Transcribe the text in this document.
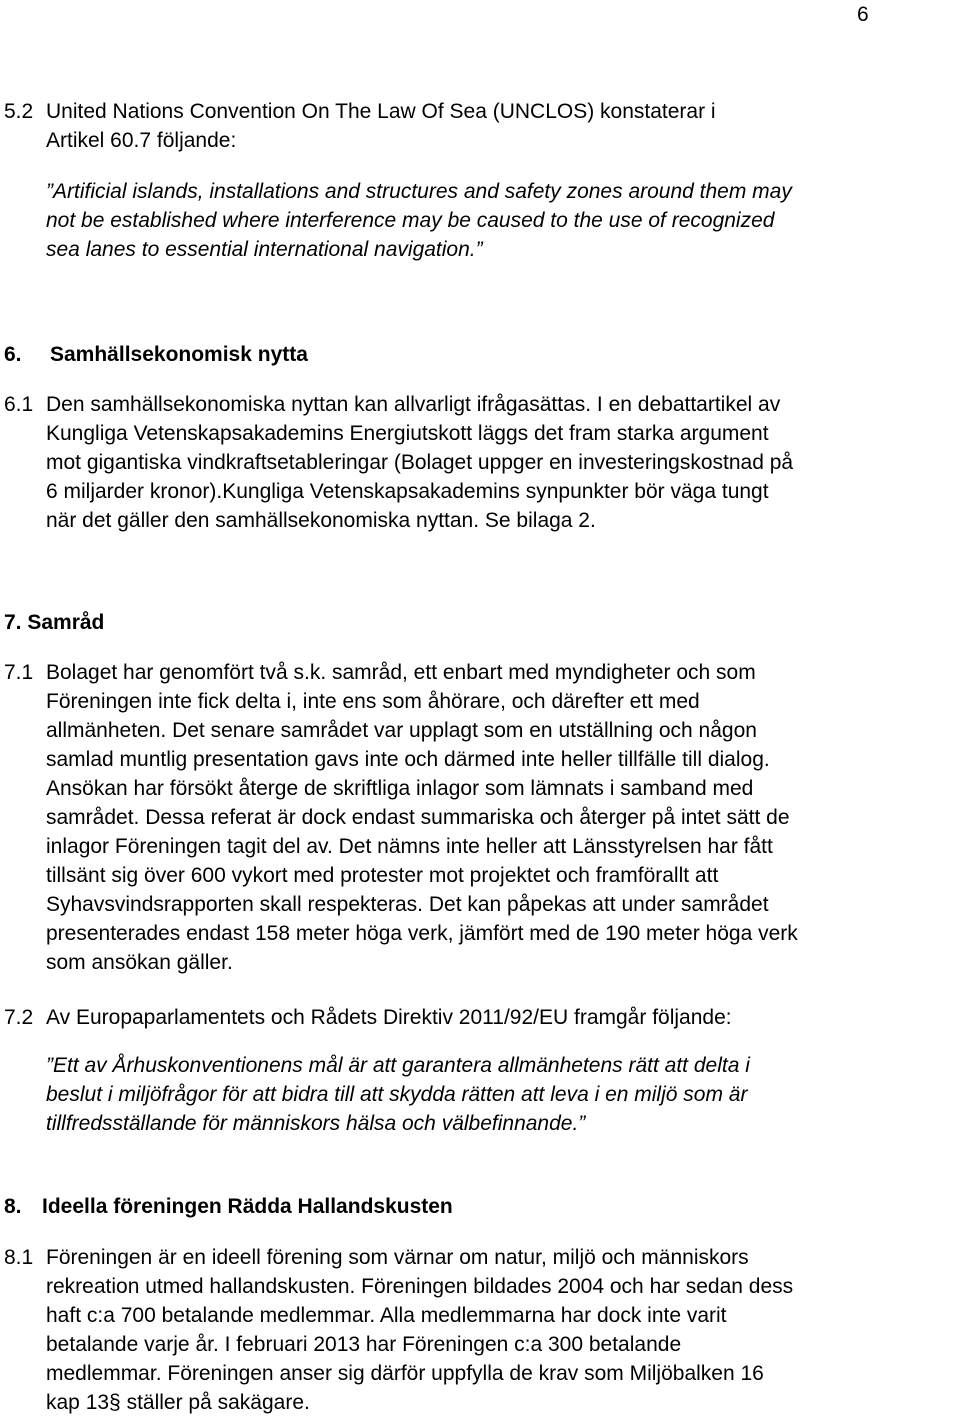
6
5.2 United Nations Convention On The Law Of Sea (UNCLOS) konstaterar i
Artikel 60.7 följande:

”Artificial islands, installations and structures and safety zones around them may
not be established where interference may be caused to the use of recognized
sea lanes to essential international navigation.”

6. Samhällsekonomisk nytta
6.1 Den samhällsekonomiska nyttan kan allvarligt ifrågasättas. I en debattartikel av
Kungliga Vetenskapsakademins Energiutskott läggs det fram starka argument
mot gigantiska vindkraftsetableringar (Bolaget uppger en investeringskostnad på
6 miljarder kronor).Kungliga Vetenskapsakademins synpunkter bör väga tungt
när det gäller den samhällsekonomiska nyttan. Se bilaga 2.

7. Samråd
7.1 Bolaget har genomfört två s.k. samråd, ett enbart med myndigheter och som
Föreningen inte fick delta i, inte ens som åhörare, och därefter ett med
allmänheten. Det senare samrådet var upplagt som en utställning och någon
samlad muntlig presentation gavs inte och därmed inte heller tillfälle till dialog.
Ansökan har försökt återge de skriftliga inlagor som lämnats i samband med
samrådet. Dessa referat är dock endast summariska och återger på intet sätt de
inlagor Föreningen tagit del av. Det nämns inte heller att Länsstyrelsen har fått
tillsänt sig över 600 vykort med protester mot projektet och framförallt att
Syhavsvindsrapporten skall respekteras. Det kan påpekas att under samrådet
presenterades endast 158 meter höga verk, jämfört med de 190 meter höga verk
som ansökan gäller.

7.2 Av Europaparlamentets och Rådets Direktiv 2011/92/EU framgår följande:

”Ett av Århuskonventionens mål är att garantera allmänhetens rätt att delta i
beslut i miljöfrågor för att bidra till att skydda rätten att leva i en miljö som är
tillfredsställande för människors hälsa och välbefinnande.”

8. Ideella föreningen Rädda Hallandskusten
8.1 Föreningen är en ideell förening som värnar om natur, miljö och människors
rekreation utmed hallandskusten. Föreningen bildades 2004 och har sedan dess
haft c:a 700 betalande medlemmar. Alla medlemmarna har dock inte varit
betalande varje år. I februari 2013 har Föreningen c:a 300 betalande
medlemmar. Föreningen anser sig därför uppfylla de krav som Miljöbalken 16
kap 13§ ställer på sakägare.
